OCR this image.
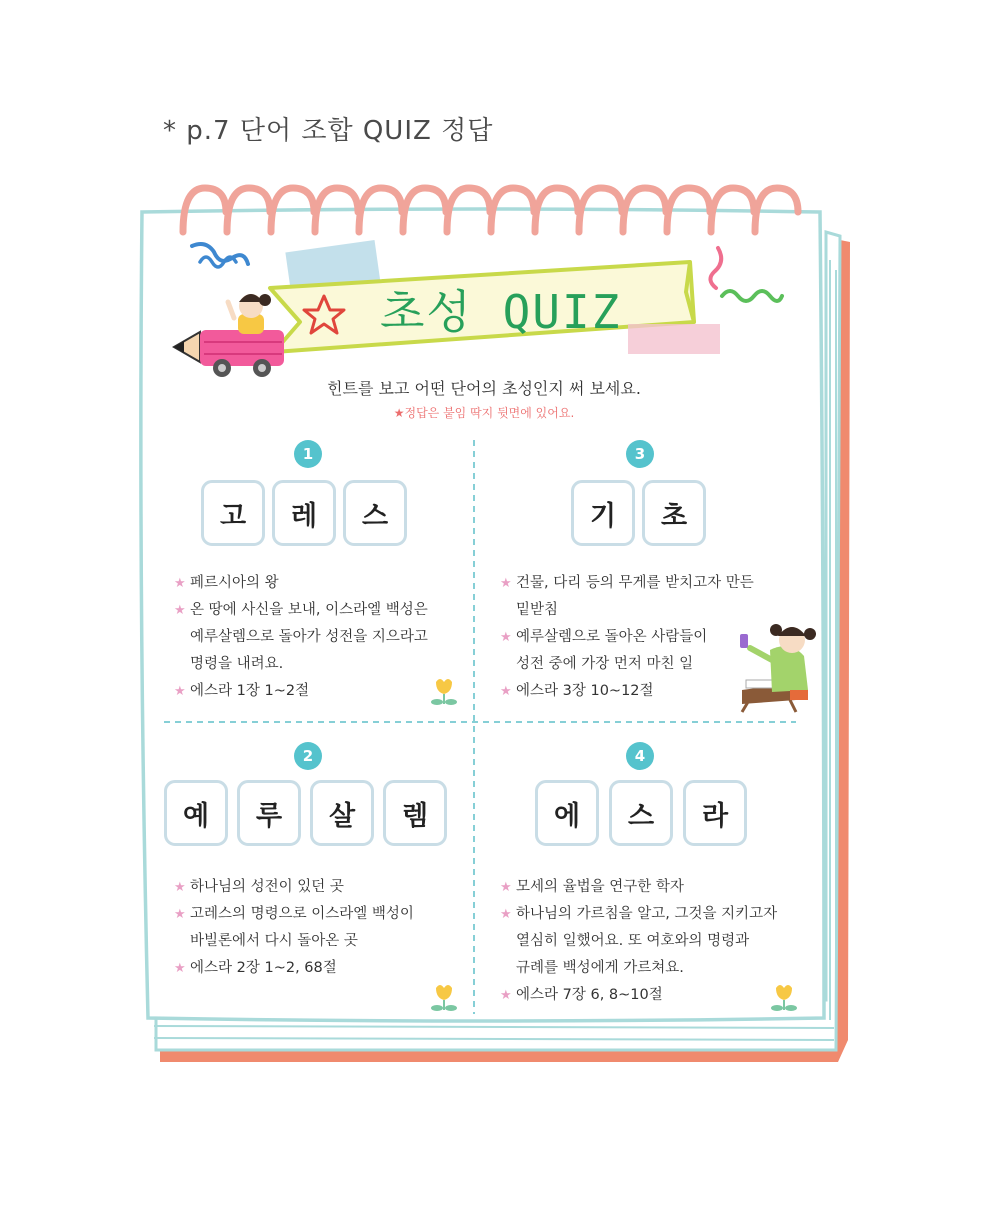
* p.7 단어 조합 QUIZ 정답
초성 QUIZ
힌트를 보고 어떤 단어의 초성인지 써 보세요.
★정답은 붙임 딱지 뒷면에 있어요.
1
고	레	스
★ 페르시아의 왕
★ 온 땅에 사신을 보내, 이스라엘 백성은
예루살렘으로 돌아가 성전을 지으라고
명령을 내려요.
★ 에스라 1장 1~2절
3
기	초
★ 건물, 다리 등의 무게를 받치고자 만든
밑받침
★ 예루살렘으로 돌아온 사람들이
성전 중에 가장 먼저 마친 일
★ 에스라 3장 10~12절
2
예	루	살	렘
★ 하나님의 성전이 있던 곳
★ 고레스의 명령으로 이스라엘 백성이
바빌론에서 다시 돌아온 곳
★ 에스라 2장 1~2, 68절
4
에	스	라
★ 모세의 율법을 연구한 학자
★ 하나님의 가르침을 알고, 그것을 지키고자
열심히 일했어요. 또 여호와의 명령과
규례를 백성에게 가르쳐요.
★ 에스라 7장 6, 8~10절
